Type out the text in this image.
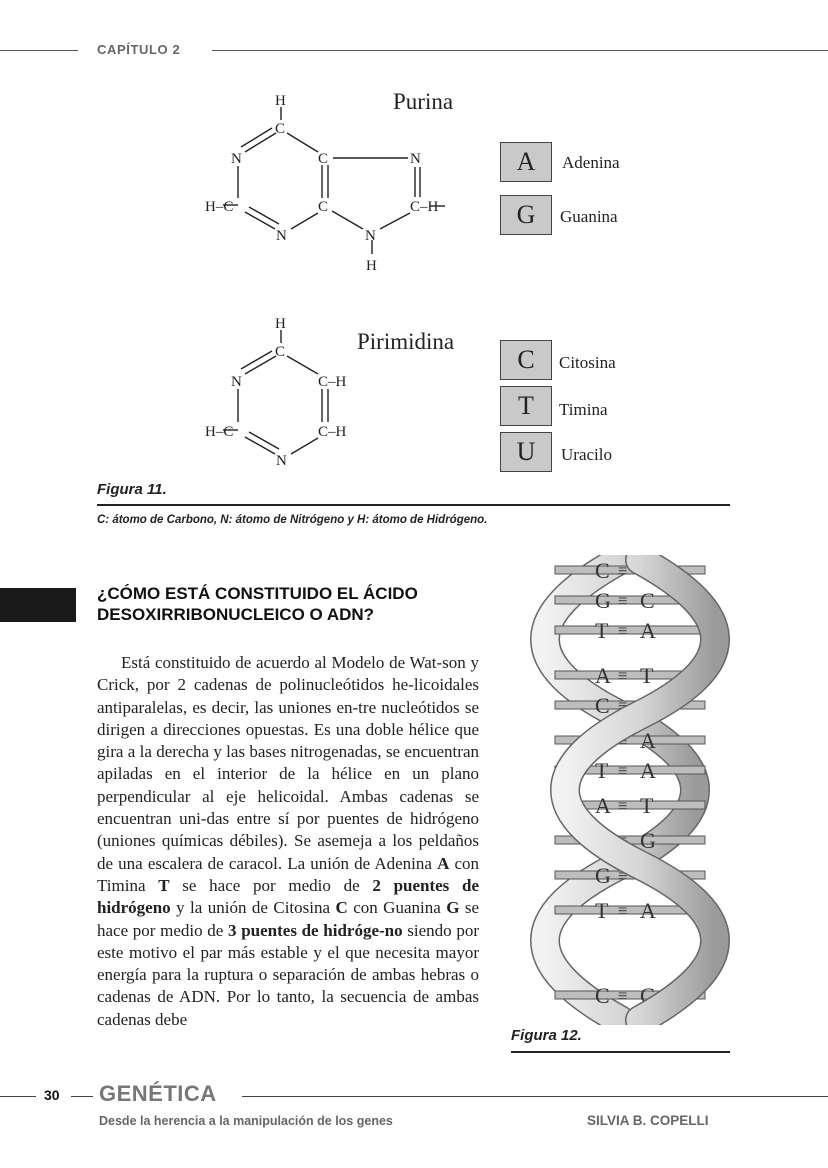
CAPÍTULO 2
H
C
N	C	N
H–C	C	C–H
N	N
H
Purina
H
C
N	C–H
H–C	C–H
N
Pirimidina
A	Adenina
G	Guanina
C	Citosina
T	Timina
U	Uracilo
Figura 11.
C: átomo de Carbono, N: átomo de Nitrógeno y H: átomo de Hidrógeno.
¿CÓMO ESTÁ CONSTITUIDO EL ÁCIDO
DESOXIRRIBONUCLEICO O ADN?
Está constituido de acuerdo al Modelo de Wat-son y Crick, por 2 cadenas de polinucleótidos he-licoidales antiparalelas, es decir, las uniones en-tre nucleótidos se dirigen a direcciones opuestas. Es una doble hélice que gira a la derecha y las bases nitrogenadas, se encuentran apiladas en el interior de la hélice en un plano perpendicular al eje helicoidal. Ambas cadenas se encuentran uni-das entre sí por puentes de hidrógeno (uniones químicas débiles). Se asemeja a los peldaños de una escalera de caracol. La unión de Adenina A con Timina T se hace por medio de 2 puentes de hidrógeno y la unión de Citosina C con Guanina G se hace por medio de 3 puentes de hidróge-no siendo por este motivo el par más estable y el que necesita mayor energía para la ruptura o separación de ambas hebras o cadenas de ADN. Por lo tanto, la secuencia de ambas cadenas debe
C ≡ G
G ≡ C
T ≡ A
A ≡ T
C ≡ G
T ≡ A
T ≡ A
A ≡ T
C ≡ G
G ≡ C
T ≡ A
C ≡ G
Figura 12.
30 GENÉTICA
Desde la herencia a la manipulación de los genes	SILVIA B. COPELLI
